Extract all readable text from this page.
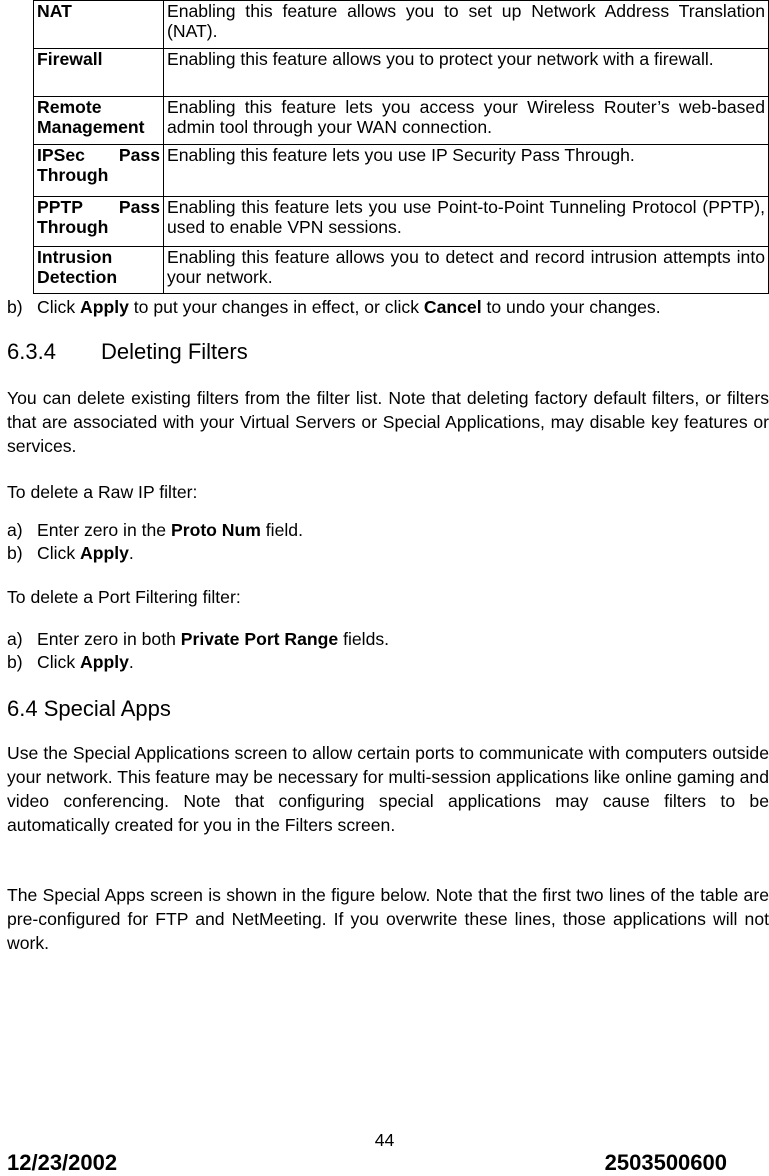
NAT	Enabling this feature allows you to set up Network Address Translation (NAT).
Firewall	Enabling this feature allows you to protect your network with a firewall.
Remote Management	Enabling this feature lets you access your Wireless Router’s web-based admin tool through your WAN connection.
IPSec Pass Through	Enabling this feature lets you use IP Security Pass Through.
PPTP Pass Through	Enabling this feature lets you use Point-to-Point Tunneling Protocol (PPTP), used to enable VPN sessions.
Intrusion Detection	Enabling this feature allows you to detect and record intrusion attempts into your network.
b) Click Apply to put your changes in effect, or click Cancel to undo your changes.
6.3.4 Deleting Filters
You can delete existing filters from the filter list. Note that deleting factory default filters, or filters that are associated with your Virtual Servers or Special Applications, may disable key features or services.
To delete a Raw IP filter:
a) Enter zero in the Proto Num field.
b) Click Apply.
To delete a Port Filtering filter:
a) Enter zero in both Private Port Range fields.
b) Click Apply.
6.4 Special Apps
Use the Special Applications screen to allow certain ports to communicate with computers outside your network. This feature may be necessary for multi-session applications like online gaming and video conferencing. Note that configuring special applications may cause filters to be automatically created for you in the Filters screen.
The Special Apps screen is shown in the figure below. Note that the first two lines of the table are pre-configured for FTP and NetMeeting. If you overwrite these lines, those applications will not work.
44
12/23/2002	2503500600
